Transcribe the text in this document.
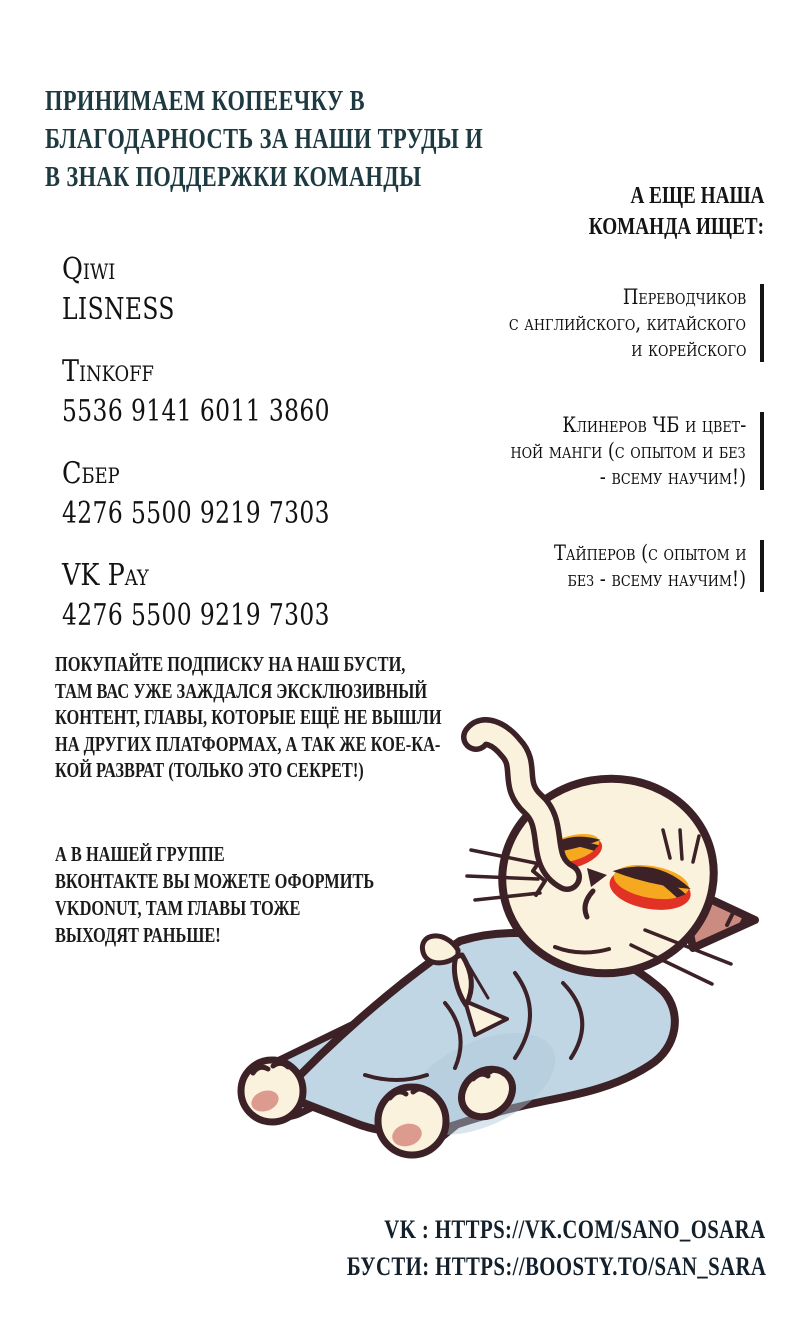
ПРИНИМАЕМ КОПЕЕЧКУ В
БЛАГОДАРНОСТЬ ЗА НАШИ ТРУДЫ И
В ЗНАК ПОДДЕРЖКИ КОМАНДЫ
А ЕЩЕ НАША
КОМАНДА ИЩЕТ:
Qiwi
LISNESS
Tinkoff
5536 9141 6011 3860
Сбер
4276 5500 9219 7303
VK Pay
4276 5500 9219 7303
Переводчиков
с английского, китайского
и корейского
Клинеров ЧБ и цвет-
ной манги (с опытом и без
- всему научим!)
Тайперов (с опытом и
без - всему научим!)
ПОКУПАЙТЕ ПОДПИСКУ НА НАШ БУСТИ,
ТАМ ВАС УЖЕ ЗАЖДАЛСЯ ЭКСКЛЮЗИВНЫЙ
КОНТЕНТ, ГЛАВЫ, КОТОРЫЕ ЕЩЁ НЕ ВЫШЛИ
НА ДРУГИХ ПЛАТФОРМАХ, А ТАК ЖЕ КОЕ-КА-
КОЙ РАЗВРАТ (ТОЛЬКО ЭТО СЕКРЕТ!)
А В НАШЕЙ ГРУППЕ
ВКОНТАКТЕ ВЫ МОЖЕТЕ ОФОРМИТЬ
VKDONUT, ТАМ ГЛАВЫ ТОЖЕ
ВЫХОДЯТ РАНЬШЕ!
VK : HTTPS://VK.COM/SANO_OSARA
БУСТИ: HTTPS://BOOSTY.TO/SAN_SARA
